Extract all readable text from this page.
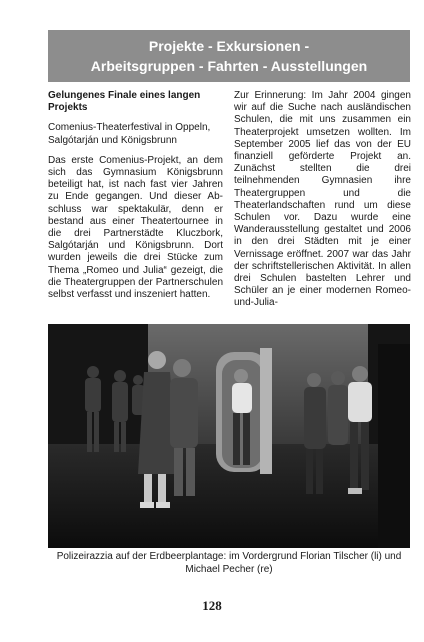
Projekte - Exkursionen -
Arbeitsgruppen - Fahrten - Ausstellungen

Gelungenes Finale eines langen Projekts

Comenius-Theaterfestival in Oppeln, Salgótarján und Königsbrunn

Das erste Comenius-Projekt, an dem sich das Gymnasium Königsbrunn beteiligt hat, ist nach fast vier Jahren zu Ende gegangen. Und dieser Abschluss war spektakulär, denn er bestand aus einer Theatertournee in die drei Partnerstädte Kluczbork, Salgótarján und Königsbrunn. Dort wurden jeweils die drei Stücke zum Thema „Romeo und Julia“ gezeigt, die die Theatergruppen der Partnerschulen selbst verfasst und inszeniert hatten.

Zur Erinnerung: Im Jahr 2004 gingen wir auf die Suche nach ausländischen Schulen, die mit uns zusammen ein Theaterprojekt umsetzen wollten. Im September 2005 lief das von der EU finanziell geförderte Projekt an. Zunächst stellten die drei teilnehmenden Gymnasien ihre Theatergruppen und die Theaterlandschaften rund um diese Schulen vor. Dazu wurde eine Wanderausstellung gestaltet und 2006 in den drei Städten mit je einer Vernissage eröffnet. 2007 war das Jahr der schriftstellerischen Aktivität. In allen drei Schulen bastelten Lehrer und Schüler an je einer modernen Romeo-und-Julia-

Polizeirazzia auf der Erdbeerplantage: im Vordergrund Florian Tilscher (li) und Michael Pecher (re)
128
